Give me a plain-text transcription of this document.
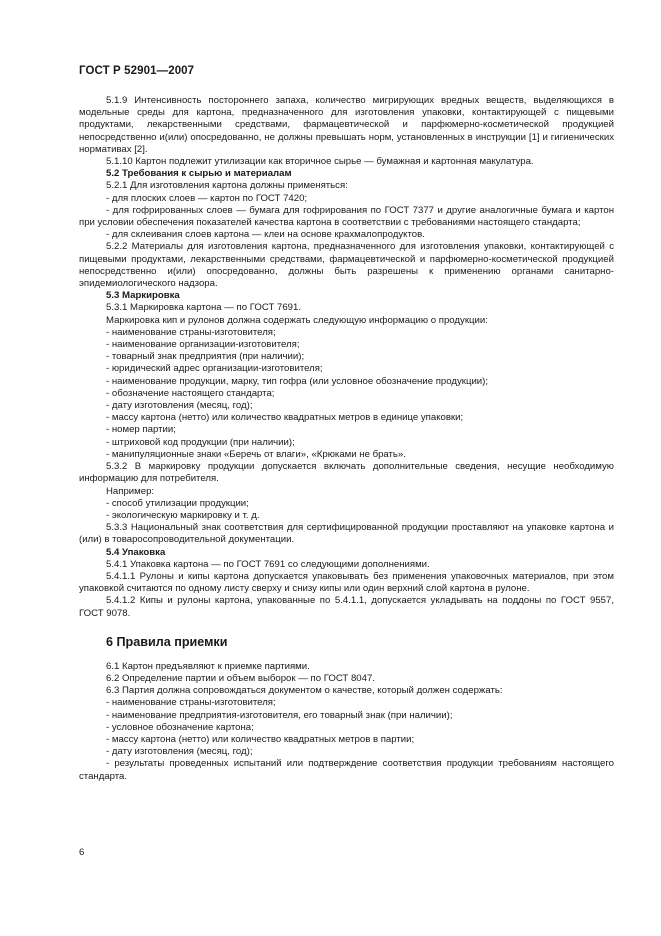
ГОСТ Р 52901—2007

5.1.9 Интенсивность постороннего запаха, количество мигрирующих вредных веществ, выделяющихся в модельные среды для картона, предназначенного для изготовления упаковки, контактирующей с пищевыми продуктами, лекарственными средствами, фармацевтической и парфюмерно-косметической продукцией непосредственно и(или) опосредованно, не должны превышать норм, установленных в инструкции [1] и гигиенических нормативах [2].

5.1.10 Картон подлежит утилизации как вторичное сырье — бумажная и картонная макулатура.

5.2 Требования к сырью и материалам

5.2.1 Для изготовления картона должны применяться:

- для плоских слоев — картон по ГОСТ 7420;

- для гофрированных слоев — бумага для гофрирования по ГОСТ 7377 и другие аналогичные бумага и картон при условии обеспечения показателей качества картона в соответствии с требованиями настоящего стандарта;

- для склеивания слоев картона — клеи на основе крахмалопродуктов.

5.2.2 Материалы для изготовления картона, предназначенного для изготовления упаковки, контактирующей с пищевыми продуктами, лекарственными средствами, фармацевтической и парфюмерно-косметической продукцией непосредственно и(или) опосредованно, должны быть разрешены к применению органами санитарно-эпидемиологического надзора.

5.3 Маркировка

5.3.1 Маркировка картона — по ГОСТ 7691.

Маркировка кип и рулонов должна содержать следующую информацию о продукции:

- наименование страны-изготовителя;

- наименование организации-изготовителя;

- товарный знак предприятия (при наличии);

- юридический адрес организации-изготовителя;

- наименование продукции, марку, тип гофра (или условное обозначение продукции);

- обозначение настоящего стандарта;

- дату изготовления (месяц, год);

- массу картона (нетто) или количество квадратных метров в единице упаковки;

- номер партии;

- штриховой код продукции (при наличии);

- манипуляционные знаки «Беречь от влаги», «Крюками не брать».

5.3.2 В маркировку продукции допускается включать дополнительные сведения, несущие необходимую информацию для потребителя.

Например:

- способ утилизации продукции;

- экологическую маркировку и т. д.

5.3.3 Национальный знак соответствия для сертифицированной продукции проставляют на упаковке картона и (или) в товаросопроводительной документации.

5.4 Упаковка

5.4.1 Упаковка картона — по ГОСТ 7691 со следующими дополнениями.

5.4.1.1 Рулоны и кипы картона допускается упаковывать без применения упаковочных материалов, при этом упаковкой считаются по одному листу сверху и снизу кипы или один верхний слой картона в рулоне.

5.4.1.2 Кипы и рулоны картона, упакованные по 5.4.1.1, допускается укладывать на поддоны по ГОСТ 9557, ГОСТ 9078.

6 Правила приемки

6.1 Картон предъявляют к приемке партиями.

6.2 Определение партии и объем выборок — по ГОСТ 8047.

6.3 Партия должна сопровождаться документом о качестве, который должен содержать:

- наименование страны-изготовителя;

- наименование предприятия-изготовителя, его товарный знак (при наличии);

- условное обозначение картона;

- массу картона (нетто) или количество квадратных метров в партии;

- дату изготовления (месяц, год);

- результаты проведенных испытаний или подтверждение соответствия продукции требованиям настоящего стандарта.

6
